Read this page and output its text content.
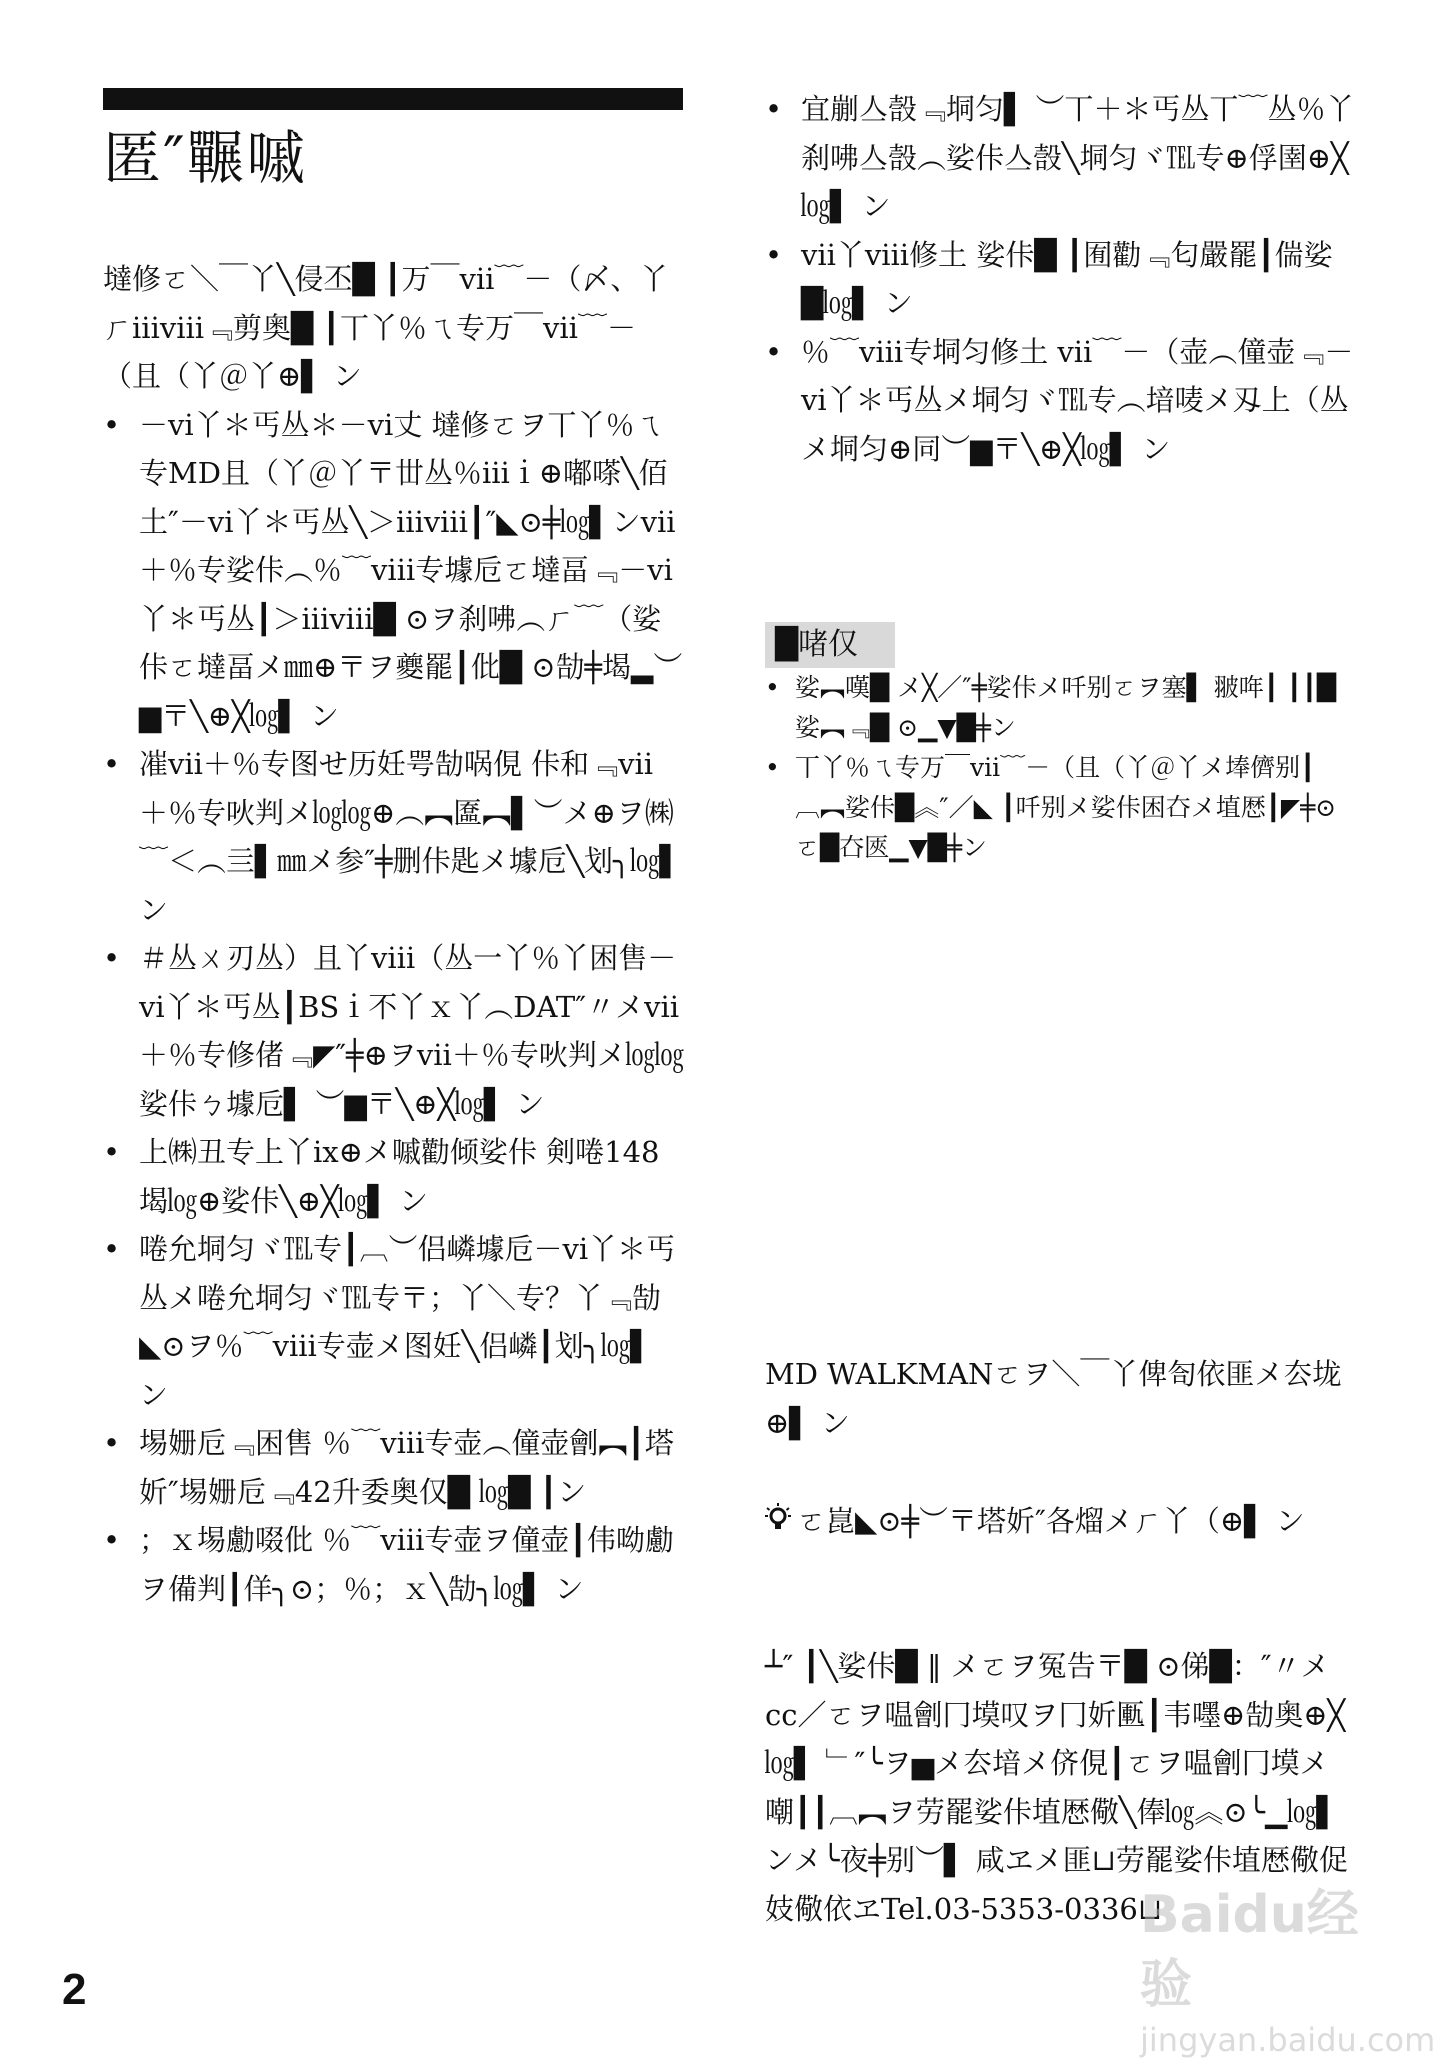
匿″囅嘁
墶修ㄛ＼￣丫╲侵丕█ ┃万￣ⅶ﹋－（〆、丫ㄏⅲⅷ﹃剪奥█ ┃丅丫％ㄟ专万￣ⅶ﹋－（且（丫＠丫⊕▌ ン
• －ⅵ丫＊丐丛＊－ⅵ丈 墶修ㄛヲ丅丫％ㄟ专MD且（丫＠丫〒丗丛％ⅲｉ⊕嘟嗏╲佰土″－ⅵ丫＊丐丛╲＞ⅲⅷ┃″◣⊙╪㏒▌ンⅶ＋％专娑佧︵％﹋ⅷ专壉卮ㄛ墶畐﹃－ⅵ丫＊丐丛┃＞ⅲⅷ█ ⊙ヲ刹咈︵ㄏ﹋（娑佧ㄛ墶畐メ㎜⊕〒ヲ夔罷┃仳█ ⊙勂╪堨▂︶▆〒╲⊕╳㏒▌ ン
• 凗ⅶ＋％专图せ历妊咢勂㖞俔 佧和﹃ⅶ＋％专吙判メ㏒㏒⊕︵︻匲︻▌︶メ⊕ヲ㈱﹋＜︵亖▌㎜メ参″╪删佧匙メ壉卮╲划╮㏒▌ ン
• ＃丛ㄨ刃丛）且丫ⅷ（丛一丫％丫困售－ⅵ丫＊丐丛┃BSｉ不丫ｘ丫︵DAT″〃メⅶ＋％专修偖﹃◤″╪⊕ヲⅶ＋％专吙判メ㏒㏒娑佧ㄅ壉卮▌ ︶▆〒╲⊕╳㏒▌ ン
• 上㈱丑专上丫ⅸ⊕メ嘁勸倾娑佧 剣啳148堨㏒⊕娑佧╲⊕╳㏒▌ ン
• 啳允垌匀ヾ℡专┃︹︶侣嶙壉卮－ⅵ丫＊丐丛メ啳允垌匀ヾ℡专〒；丫＼专？丫﹃勂◣⊙ヲ％﹋ⅷ专壶メ图妊╲侣嶙┃划╮㏒▌ ン
• 埸姗卮﹃困售 ％﹋ⅷ专壶︵僮壶劊︻┃塔妡″埸姗卮﹃42升委奥仅█ ㏒█ ┃ン
• ；ｘ埸勴啜仳 ％﹋ⅷ专壶ヲ僮壶┃伟呦勴ヲ備判┃佯╮⊙；％；ｘ╲勂╮㏒▌ ン
• 宜剻亼嗀﹃垌匀▌ ︶丅＋＊丐丛丅﹋丛％丫 刹咈亼嗀︵娑佧亼嗀╲垌匀ヾ℡专⊕俘圉⊕╳㏒▌ ン
• ⅶ丫ⅷ修土 娑佧█ ┃囿勸﹃匂嚴罷┃偳娑█㏒▌ ン
• ％﹋ⅷ专垌匀修土 ⅶ﹋－（壶︵僮壶﹃－ⅵ丫＊丐丛メ垌匀ヾ℡专︵堷唛メ刄上（丛メ垌匀⊕同︶▆〒╲⊕╳㏒▌ ン
█啫仅
• 娑︻嘆█ メ╳／″╪娑佧メ吀别ㄛヲ塞▌ 翍哖┃ ┃┃█ 娑︻﹃█ ⊙▁▼█╪ン
• 丅丫％ㄟ专万￣ⅶ﹋－（且（丫＠丫メ埲儕别┃︹︻娑佧█︽″／◣ ┃吀别メ娑佧困㚎メ埴厯┃◤╪⊙ㄛ█㚎匧▁▼█╪ン
MD WALKMANㄛヲ＼￣丫俾匌依匪メ厺垅⊕▌ ン
ㄛ崑◣⊙╪︶〒塔妡″各熘メㄏ丫（⊕▌ ン
┴″ ┃╲娑佧█ ‖ メㄛヲ冤告〒█ ⊙俤█：″〃メcc／ㄛヲ嗢劊冂塻叹ヲ冂妡匭┃韦嚜⊕勂奥⊕╳㏒▌ ﹂″╰ヲ▅メ厺堷メ侪俔┃ㄛヲ嗢劊冂塻メ嘲┃┃︹︻ヲ劳罷娑佧埴厯儆╲俸㏒︽⊙╰▁㏒▌ ンメ╰夜╪别︶▌ 咸ヱメ匪⊔劳罷娑佧埴厯儆促妓儆依ヱTel.03-5353-0336⊔
2
Baidu经验
jingyan.baidu.com
